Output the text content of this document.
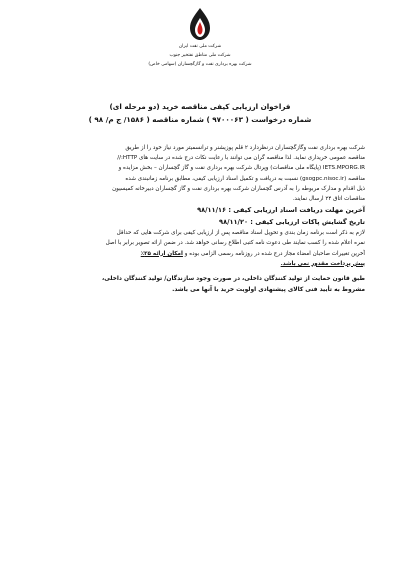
شرکت ملی نفت ایران
شرکت ملی مناطق نفتخیز جنوب
شرکت بهره برداری نفت و گازگچساران (سهامی خاص)
فراخوان ارزیابی کیفی مناقصه خرید (دو مرحله ای)
شماره درخواست ( ۹۷۰۰۰۶۳ ) شماره مناقصه ( ۱۵۸۶/ ج م/ ۹۸ )

شرکت بهره برداری نفت وگازگچساران درنظردارد ۲ قلم پوزیشنر و ترانسمیتر مورد نیاز خود را از طریق
مناقصه عمومی خریداری نماید. لذا مناقصه گران می توانند با رعایت نکات درج شده در سایت های HTTP://
IETS.MPORG.IR (پایگاه ملی مناقصات) وپرتال شرکت بهره برداری نفت و گاز گچساران – بخش مزایده و
مناقصه (gsogpc.nisoc.ir) نسبت به دریافت و تکمیل اسناد ارزیابی کیفی، مطابق برنامه زمانبندی شده
ذیل اقدام و مدارک مربوطه را به آدرس گچساران شرکت بهره برداری نفت و گاز گچساران دبیرخانه کمیسیون
مناقصات اتاق ۲۴ ارسال نمایند.

آخرین مهلت دریافت اسناد ارزیابی کیفی : ۹۸/۱۱/۱۶

تاریخ گشایش پاکات ارزیابی کیفی : ۹۸/۱۱/۲۰

لازم به ذکر است برنامه زمان بندی و تحویل اسناد مناقصه پس از ارزیابی کیفی برای شرکت هایی که حداقل
نمره اعلام شده را کسب نمایند طی دعوت نامه کتبی اطلاع رسانی خواهد شد. در ضمن ارائه تصویر برابر با اصل
آخرین تغییرات صاحبان امضاء مجاز درج شده در روزنامه رسمی الزامی بوده و امکان ارائه ۲۵٪
پیش پرداخت مقدور نمی باشد.

طبق قانون حمایت از تولید کنندگان داخلی، در صورت وجود سازندگان/ تولید کنندگان داخلی،
مشروط به تأیید فنی کالای پیشنهادی اولویت خرید با آنها می باشد.
